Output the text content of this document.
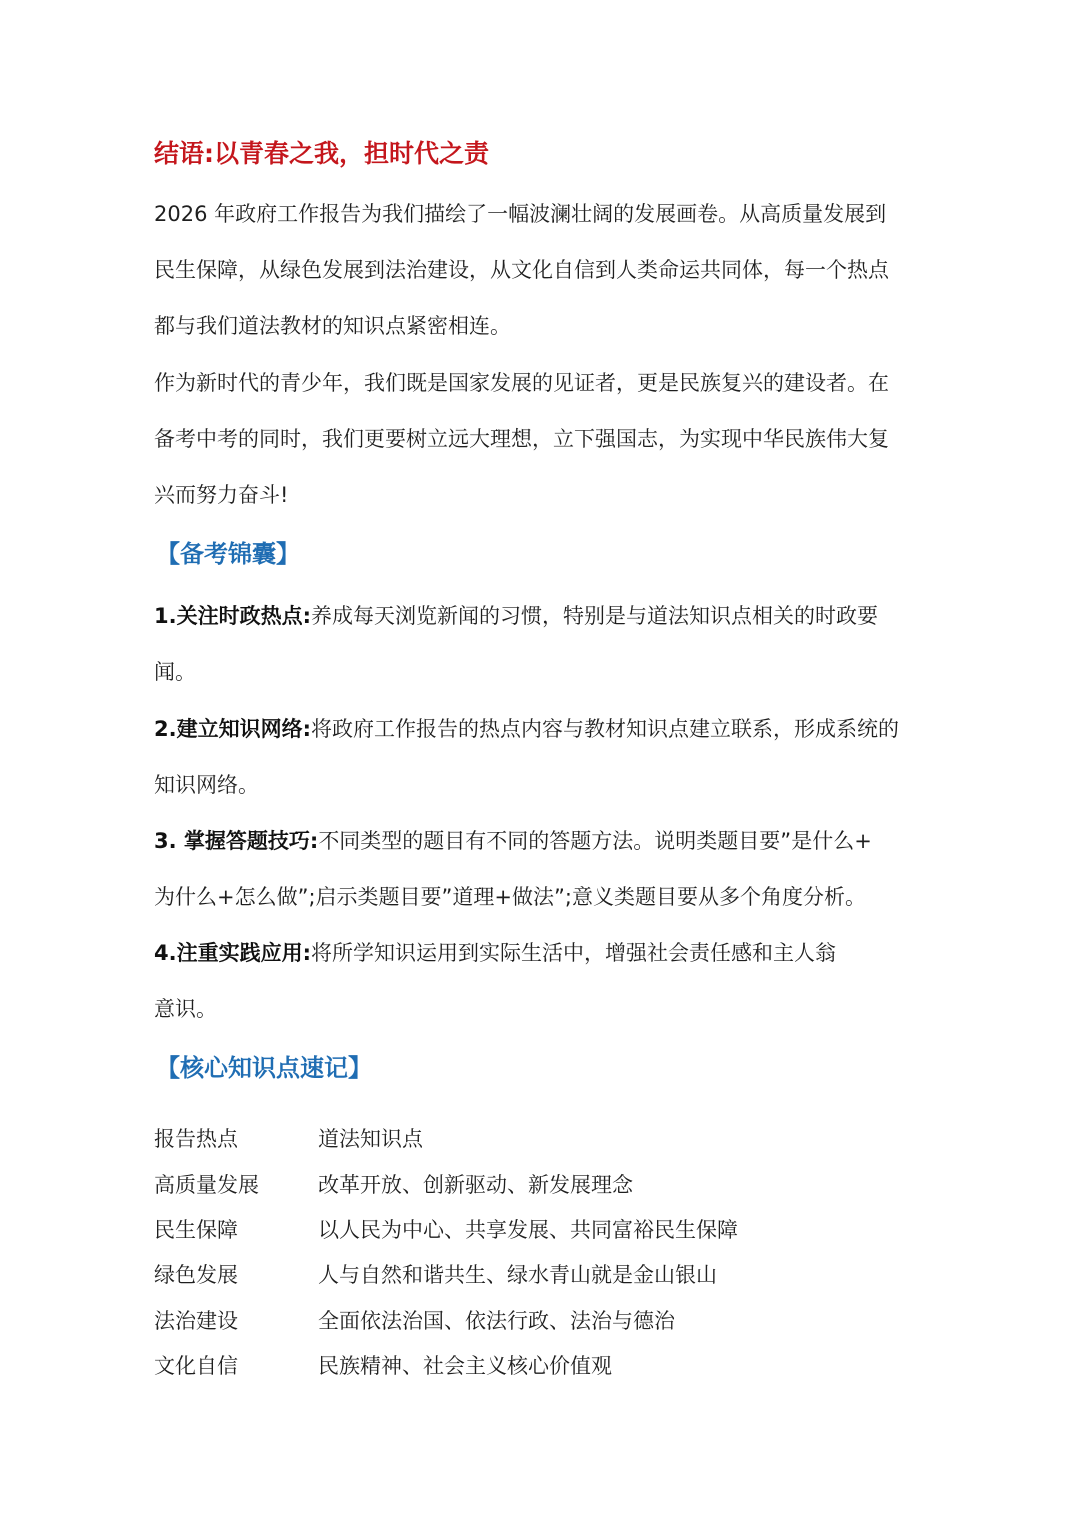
结语:以青春之我，担时代之责

2026 年政府工作报告为我们描绘了一幅波澜壮阔的发展画卷。从高质量发展到

民生保障，从绿色发展到法治建设，从文化自信到人类命运共同体，每一个热点

都与我们道法教材的知识点紧密相连。

作为新时代的青少年，我们既是国家发展的见证者，更是民族复兴的建设者。在

备考中考的同时，我们更要树立远大理想，立下强国志，为实现中华民族伟大复

兴而努力奋斗!

【备考锦囊】

1.关注时政热点:养成每天浏览新闻的习惯，特别是与道法知识点相关的时政要

闻。

2.建立知识网络:将政府工作报告的热点内容与教材知识点建立联系，形成系统的

知识网络。

3. 掌握答题技巧:不同类型的题目有不同的答题方法。说明类题目要”是什么+

为什么+怎么做”;启示类题目要”道理+做法”;意义类题目要从多个角度分析。

4.注重实践应用:将所学知识运用到实际生活中，增强社会责任感和主人翁

意识。

【核心知识点速记】
报告热点	道法知识点
高质量发展	改革开放、创新驱动、新发展理念
民生保障	以人民为中心、共享发展、共同富裕民生保障
绿色发展	人与自然和谐共生、绿水青山就是金山银山
法治建设	全面依法治国、依法行政、法治与德治
文化自信	民族精神、社会主义核心价值观
